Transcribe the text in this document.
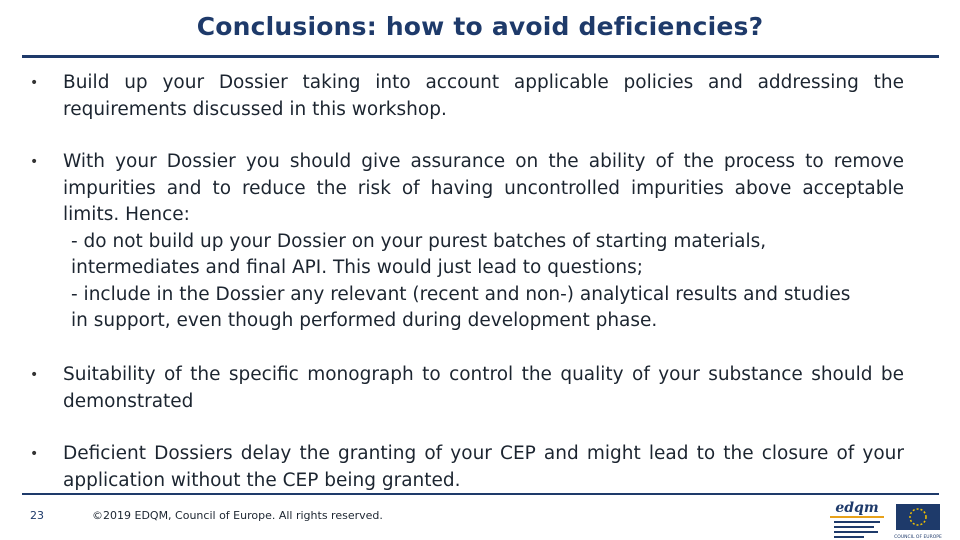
Conclusions: how to avoid deficiencies?
• Build up your Dossier taking into account applicable policies and addressing the requirements discussed in this workshop.
• With your Dossier you should give assurance on the ability of the process to remove impurities and to reduce the risk of having uncontrolled impurities above acceptable limits. Hence:
- do not build up your Dossier on your purest batches of starting materials,
intermediates and final API. This would just lead to questions;
- include in the Dossier any relevant (recent and non-) analytical results and studies
in support, even though performed during development phase.
• Suitability of the specific monograph to control the quality of your substance should be demonstrated
• Deficient Dossiers delay the granting of your CEP and might lead to the closure of your application without the CEP being granted.
23	©2019 EDQM, Council of Europe. All rights reserved.	edqm
COUNCIL OF EUROPE
